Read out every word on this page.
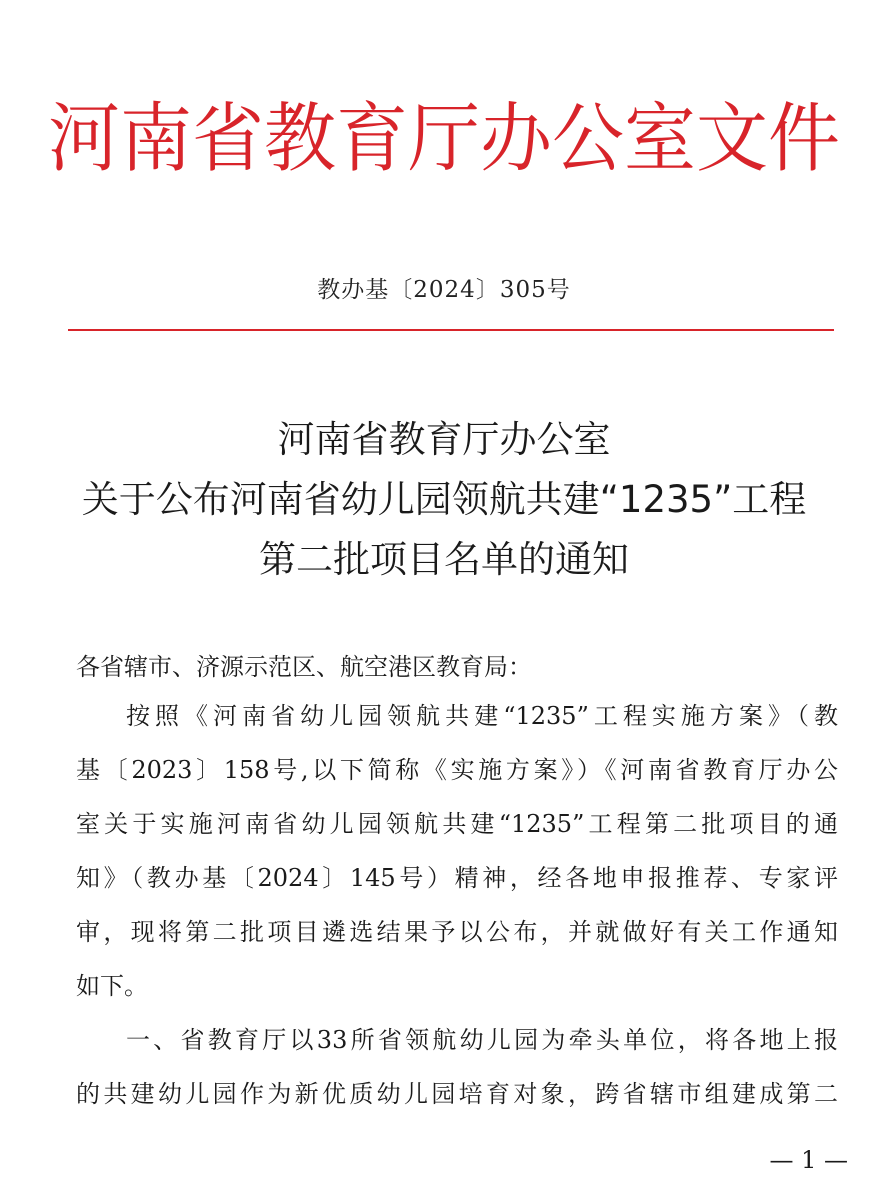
河南省教育厅办公室文件
教办基〔2024〕305号
河南省教育厅办公室
关于公布河南省幼儿园领航共建“1235”工程
第二批项目名单的通知
各省辖市、济源示范区、航空港区教育局：
按照《河南省幼儿园领航共建“1235”工程实施方案》（教
基〔2023〕158号,以下简称《实施方案》）《河南省教育厅办公
室关于实施河南省幼儿园领航共建“1235”工程第二批项目的通
知》（教办基〔2024〕145号）精神，经各地申报推荐、专家评
审，现将第二批项目遴选结果予以公布，并就做好有关工作通知
如下。
一、省教育厅以33所省领航幼儿园为牵头单位，将各地上报
的共建幼儿园作为新优质幼儿园培育对象，跨省辖市组建成第二
— 1 —
